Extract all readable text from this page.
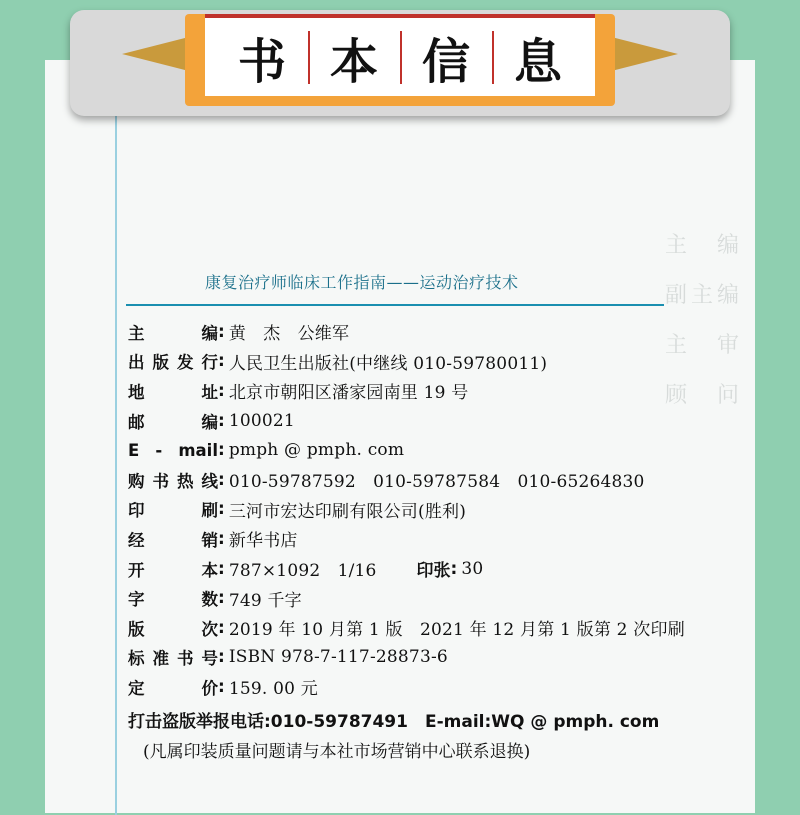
主　编
副主编
主　审
顾　问
书 本 信 息
康复治疗师临床工作指南——运动治疗技术
主编 : 黄　杰　公维军
出版发行 : 人民卫生出版社(中继线 010-59780011)
地址 : 北京市朝阳区潘家园南里 19 号
邮编 : 100021
E - mail : pmph @ pmph. com
购书热线 : 010-59787592　010-59787584　010-65264830
印刷 : 三河市宏达印刷有限公司(胜利)
经销 : 新华书店
开本 : 787×1092　1/16 印张 : 30
字数 : 749 千字
版次 : 2019 年 10 月第 1 版　2021 年 12 月第 1 版第 2 次印刷
标准书号 : ISBN 978-7-117-28873-6
定价 : 159. 00 元
打击盗版举报电话:010-59787491　E-mail:WQ @ pmph. com
(凡属印装质量问题请与本社市场营销中心联系退换)
